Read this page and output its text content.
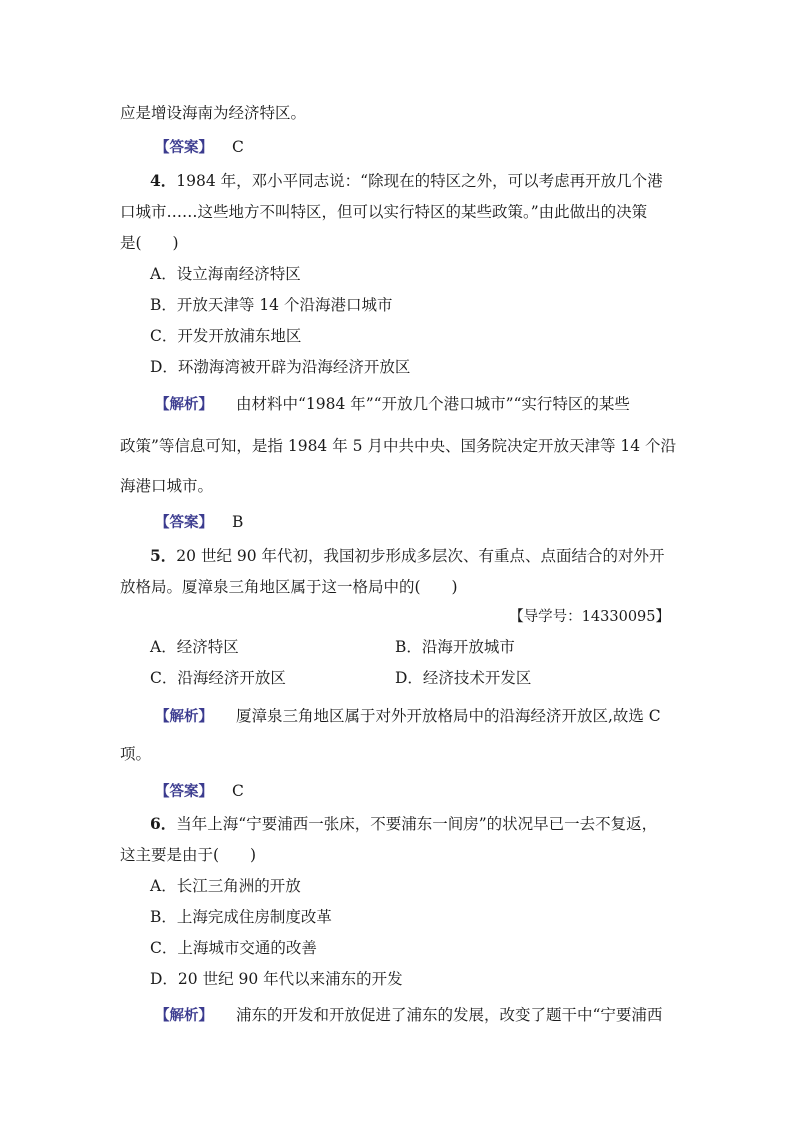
应是增设海南为经济特区。
【答案】 C
4．1984 年，邓小平同志说：“除现在的特区之外，可以考虑再开放几个港
口城市……这些地方不叫特区，但可以实行特区的某些政策。”由此做出的决策
是(　　)
A．设立海南经济特区
B．开放天津等 14 个沿海港口城市
C．开发开放浦东地区
D．环渤海湾被开辟为沿海经济开放区
【解析】 由材料中“1984 年”“开放几个港口城市”“实行特区的某些
政策”等信息可知，是指 1984 年 5 月中共中央、国务院决定开放天津等 14 个沿
海港口城市。
【答案】 B
5．20 世纪 90 年代初，我国初步形成多层次、有重点、点面结合的对外开
放格局。厦漳泉三角地区属于这一格局中的(　　)
【导学号：14330095】
A．经济特区	B．沿海开放城市
C．沿海经济开放区	D．经济技术开发区
【解析】 厦漳泉三角地区属于对外开放格局中的沿海经济开放区,故选 C
项。
【答案】 C
6．当年上海“宁要浦西一张床，不要浦东一间房”的状况早已一去不复返，
这主要是由于(　　)
A．长江三角洲的开放
B．上海完成住房制度改革
C．上海城市交通的改善
D．20 世纪 90 年代以来浦东的开发
【解析】 浦东的开发和开放促进了浦东的发展，改变了题干中“宁要浦西
